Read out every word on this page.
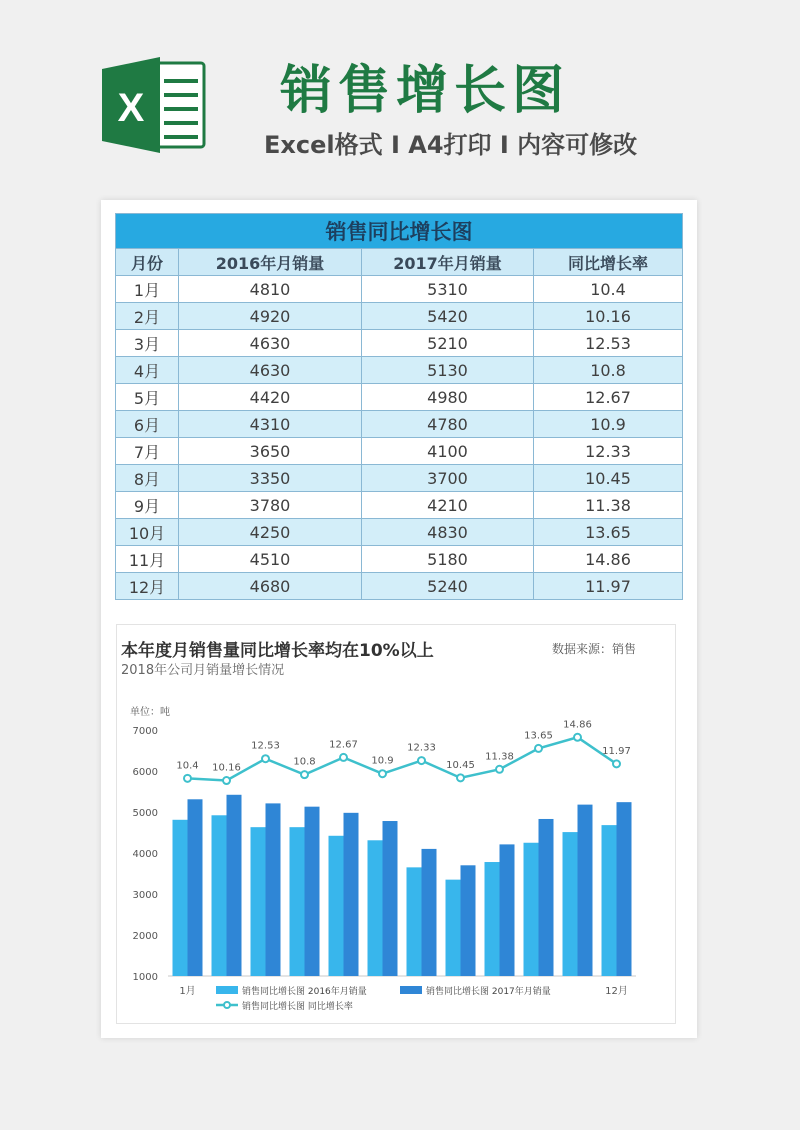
X	销售增长图
Excel格式 I A4打印 I 内容可修改
销售同比增长图			
月份	2016年月销量	2017年月销量	同比增长率
1月	4810	5310	10.4
2月	4920	5420	10.16
3月	4630	5210	12.53
4月	4630	5130	10.8
5月	4420	4980	12.67
6月	4310	4780	10.9
7月	3650	4100	12.33
8月	3350	3700	10.45
9月	3780	4210	11.38
10月	4250	4830	13.65
11月	4510	5180	14.86
12月	4680	5240	11.97
本年度月销售量同比增长率均在10%以上
2018年公司月销量增长情况
数据来源：销售
单位：吨
1000
2000
3000
4000
5000
6000
7000
10.4 10.16
12.53
10.8
12.67
10.9
12.33
10.45
11.38
13.65
14.86
11.97
1月	12月
销售同比增长图 2016年月销量	销售同比增长图 2017年月销量
销售同比增长图 同比增长率
